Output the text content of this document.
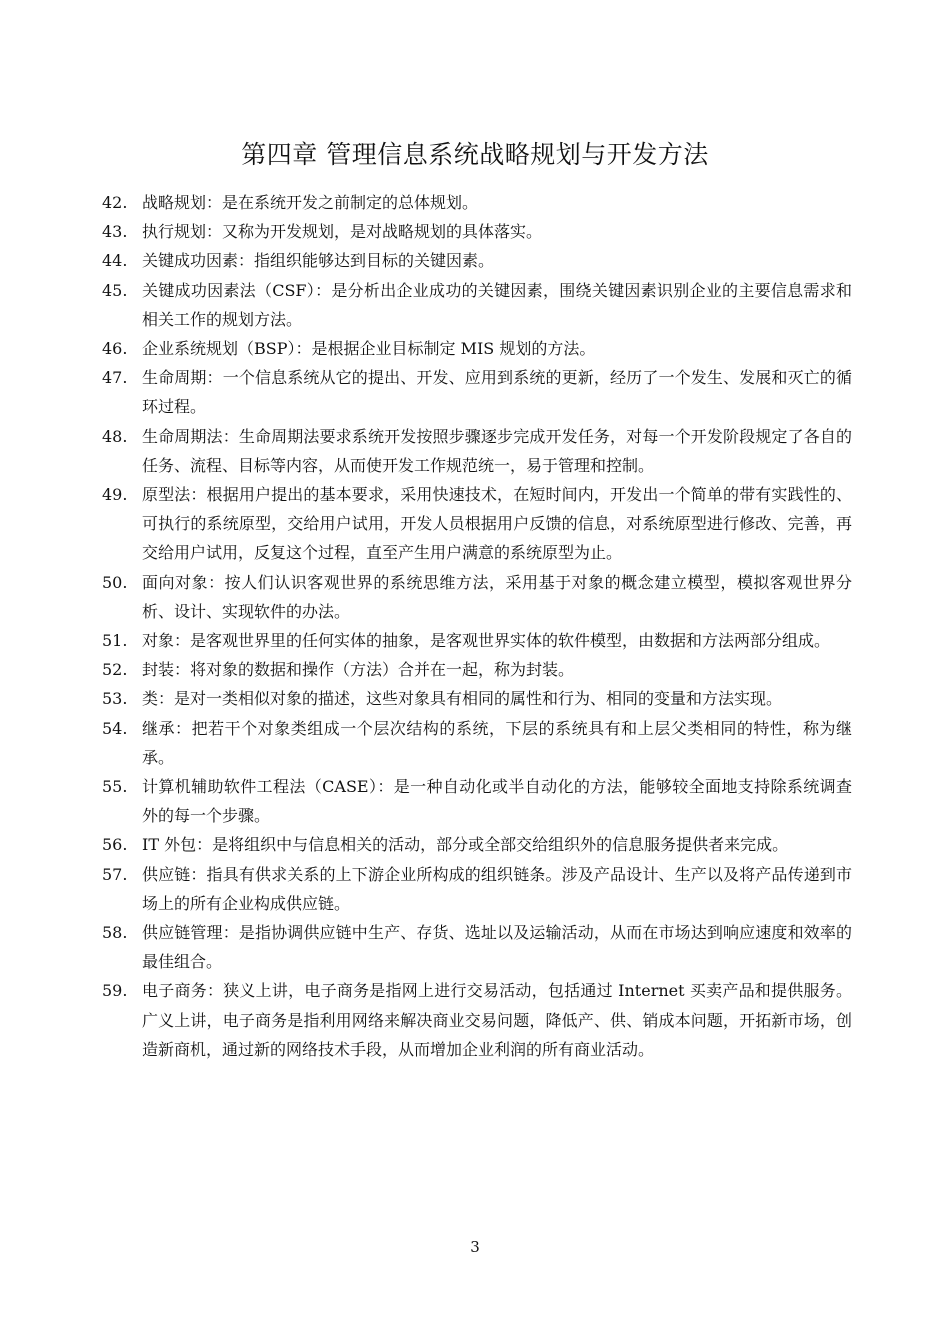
第四章 管理信息系统战略规划与开发方法
42. 战略规划：是在系统开发之前制定的总体规划。
43. 执行规划：又称为开发规划，是对战略规划的具体落实。
44. 关键成功因素：指组织能够达到目标的关键因素。
45. 关键成功因素法（CSF）：是分析出企业成功的关键因素，围绕关键因素识别企业的主要信息需求和相关工作的规划方法。
46. 企业系统规划（BSP）：是根据企业目标制定 MIS 规划的方法。
47. 生命周期：一个信息系统从它的提出、开发、应用到系统的更新，经历了一个发生、发展和灭亡的循环过程。
48. 生命周期法：生命周期法要求系统开发按照步骤逐步完成开发任务，对每一个开发阶段规定了各自的任务、流程、目标等内容，从而使开发工作规范统一，易于管理和控制。
49. 原型法：根据用户提出的基本要求，采用快速技术，在短时间内，开发出一个简单的带有实践性的、可执行的系统原型，交给用户试用，开发人员根据用户反馈的信息，对系统原型进行修改、完善，再交给用户试用，反复这个过程，直至产生用户满意的系统原型为止。
50. 面向对象：按人们认识客观世界的系统思维方法，采用基于对象的概念建立模型，模拟客观世界分析、设计、实现软件的办法。
51. 对象：是客观世界里的任何实体的抽象，是客观世界实体的软件模型，由数据和方法两部分组成。
52. 封装：将对象的数据和操作（方法）合并在一起，称为封装。
53. 类：是对一类相似对象的描述，这些对象具有相同的属性和行为、相同的变量和方法实现。
54. 继承：把若干个对象类组成一个层次结构的系统，下层的系统具有和上层父类相同的特性，称为继承。
55. 计算机辅助软件工程法（CASE）：是一种自动化或半自动化的方法，能够较全面地支持除系统调查外的每一个步骤。
56. IT 外包：是将组织中与信息相关的活动，部分或全部交给组织外的信息服务提供者来完成。
57. 供应链：指具有供求关系的上下游企业所构成的组织链条。涉及产品设计、生产以及将产品传递到市场上的所有企业构成供应链。
58. 供应链管理：是指协调供应链中生产、存货、选址以及运输活动，从而在市场达到响应速度和效率的最佳组合。
59. 电子商务：狭义上讲，电子商务是指网上进行交易活动，包括通过 Internet 买卖产品和提供服务。广义上讲，电子商务是指利用网络来解决商业交易问题，降低产、供、销成本问题，开拓新市场，创造新商机，通过新的网络技术手段，从而增加企业利润的所有商业活动。
3
